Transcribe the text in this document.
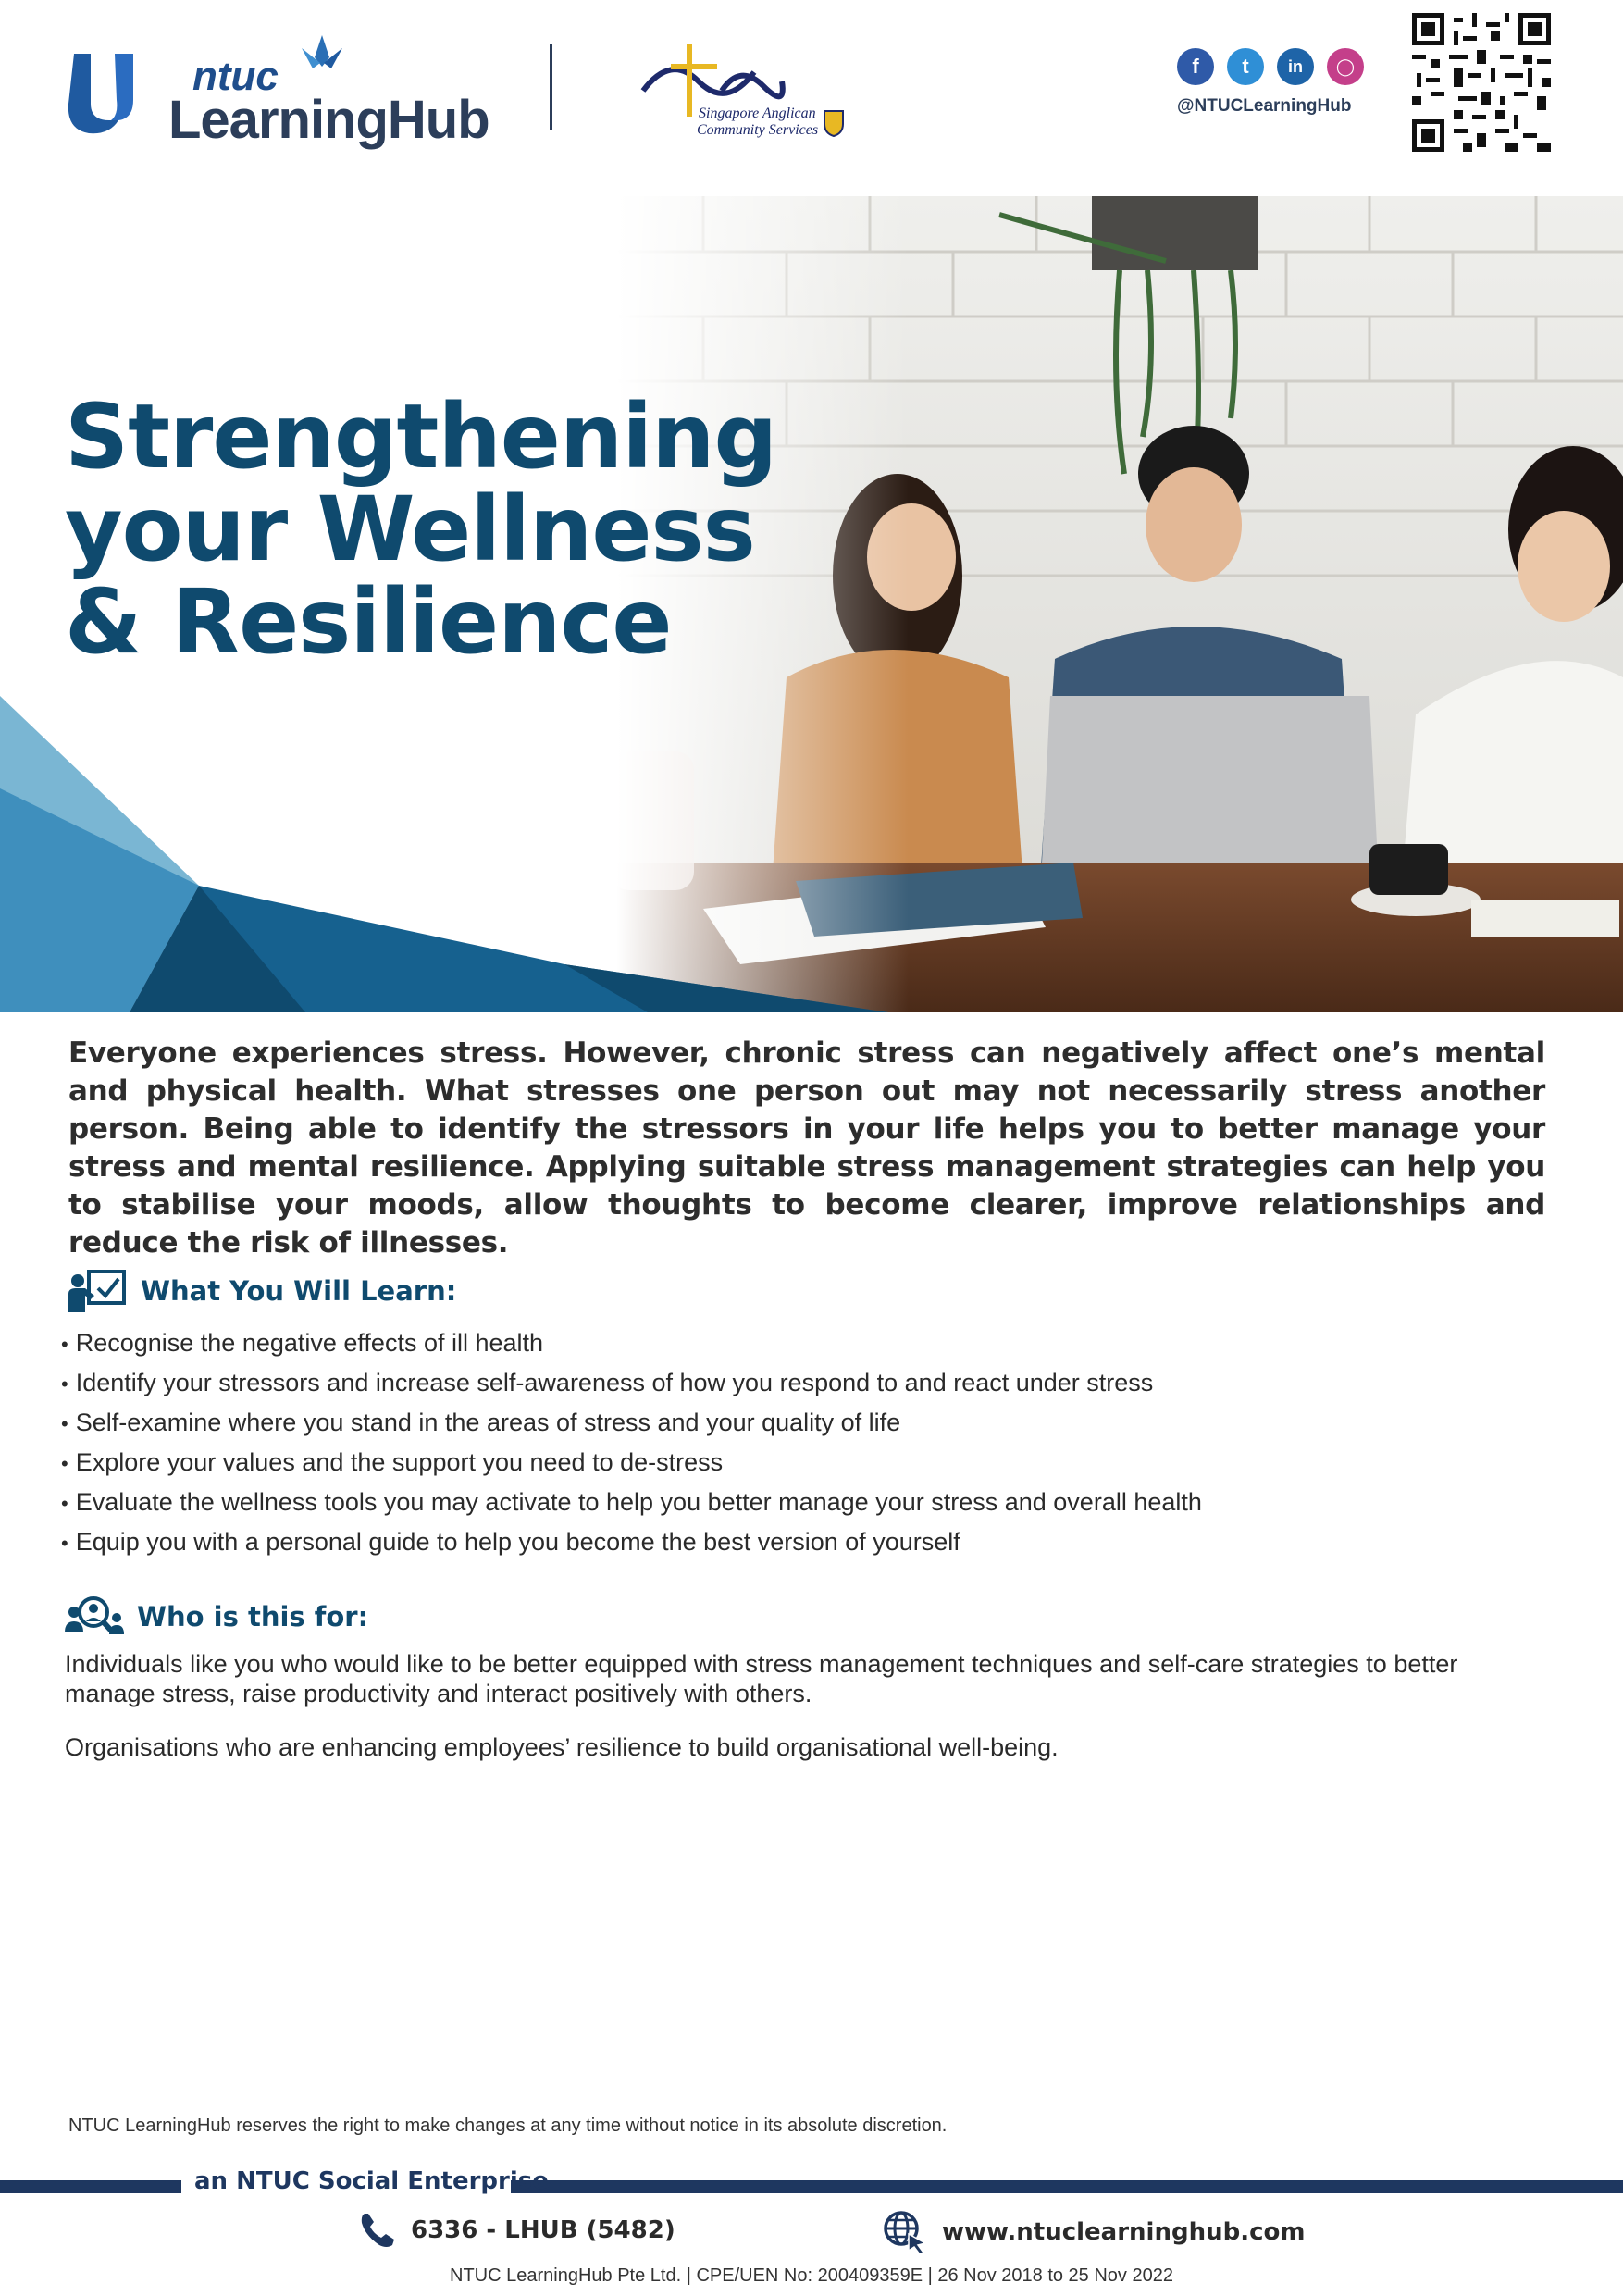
ntuc
LearningHub	Singapore Anglican
Community Services
f	t	in	◯
@NTUCLearningHub
Strengthening
your Wellness
& Resilience

Everyone experiences stress. However, chronic stress can negatively affect one’s mental and physical health. What stresses one person out may not necessarily stress another person. Being able to identify the stressors in your life helps you to better manage your stress and mental resilience. Applying suitable stress management strategies can help you to stabilise your moods, allow thoughts to become clearer, improve relationships and reduce the risk of illnesses.

What You Will Learn:
• Recognise the negative effects of ill health
• Identify your stressors and increase self-awareness of how you respond to and react under stress
• Self-examine where you stand in the areas of stress and your quality of life
• Explore your values and the support you need to de-stress
• Evaluate the wellness tools you may activate to help you better manage your stress and overall health
• Equip you with a personal guide to help you become the best version of yourself
Who is this for:

Individuals like you who would like to be better equipped with stress management techniques and self-care strategies to better manage stress, raise productivity and interact positively with others.

Organisations who are enhancing employees’ resilience to build organisational well-being.

NTUC LearningHub reserves the right to make changes at any time without notice in its absolute discretion.
an NTUC Social Enterprise
6336 - LHUB (5482)	www.ntuclearninghub.com
NTUC LearningHub Pte Ltd. | CPE/UEN No: 200409359E | 26 Nov 2018 to 25 Nov 2022
